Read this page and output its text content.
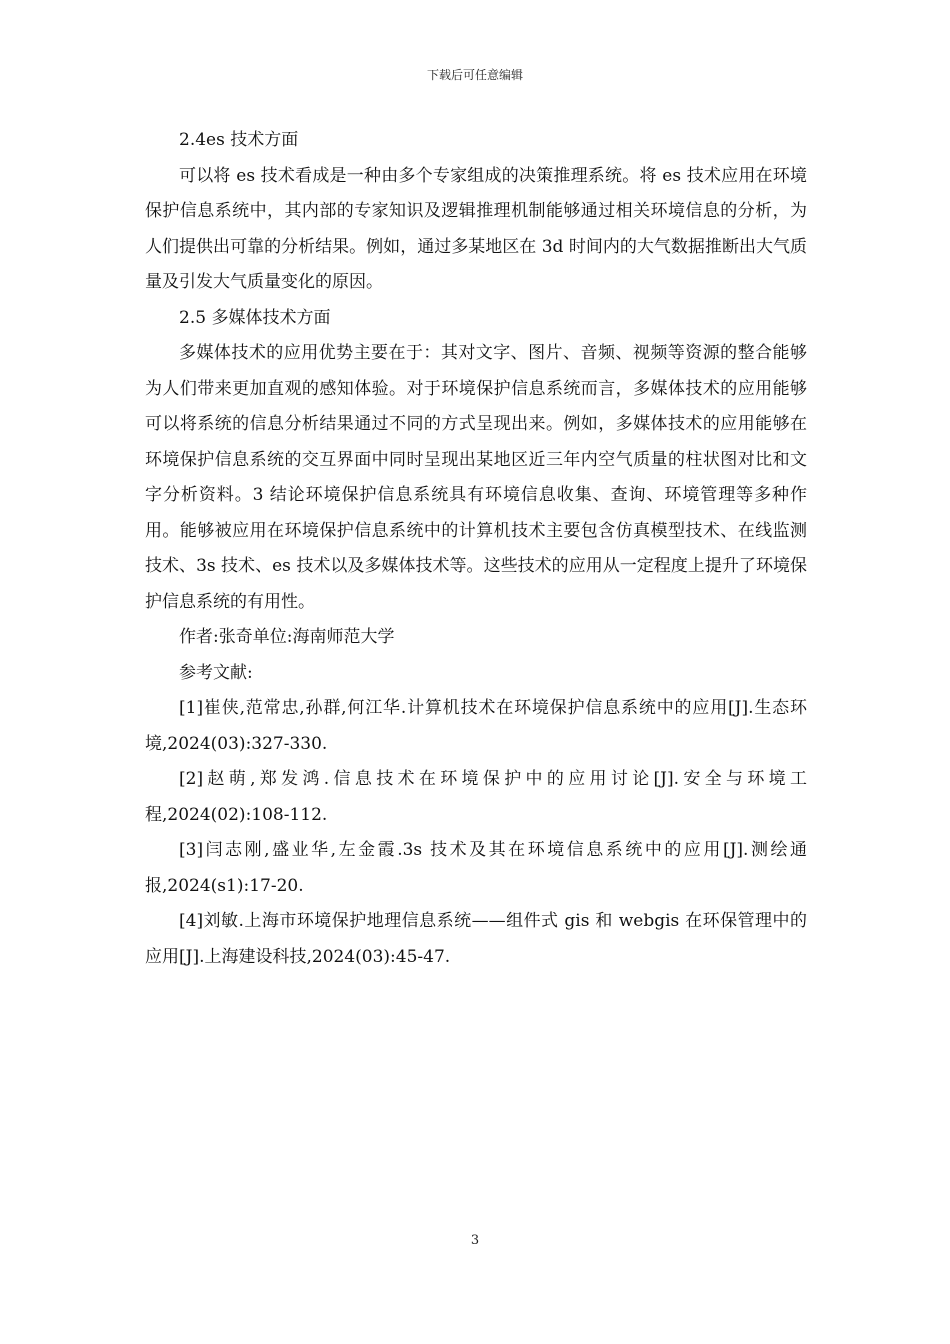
下载后可任意编辑

2.4es 技术方面

可以将 es 技术看成是一种由多个专家组成的决策推理系统。将 es 技术应用在环境保护信息系统中，其内部的专家知识及逻辑推理机制能够通过相关环境信息的分析，为人们提供出可靠的分析结果。例如，通过多某地区在 3d 时间内的大气数据推断出大气质量及引发大气质量变化的原因。

2.5 多媒体技术方面

多媒体技术的应用优势主要在于：其对文字、图片、音频、视频等资源的整合能够为人们带来更加直观的感知体验。对于环境保护信息系统而言，多媒体技术的应用能够可以将系统的信息分析结果通过不同的方式呈现出来。例如，多媒体技术的应用能够在环境保护信息系统的交互界面中同时呈现出某地区近三年内空气质量的柱状图对比和文字分析资料。3 结论环境保护信息系统具有环境信息收集、查询、环境管理等多种作用。能够被应用在环境保护信息系统中的计算机技术主要包含仿真模型技术、在线监测技术、3s 技术、es 技术以及多媒体技术等。这些技术的应用从一定程度上提升了环境保护信息系统的有用性。

作者:张奇单位:海南师范大学

参考文献:

[1]崔侠,范常忠,孙群,何江华.计算机技术在环境保护信息系统中的应用[J].生态环境,2024(03):327-330.

[2]赵萌,郑发鸿.信息技术在环境保护中的应用讨论[J].安全与环境工程,2024(02):108-112.

[3]闫志刚,盛业华,左金霞.3s 技术及其在环境信息系统中的应用[J].测绘通报,2024(s1):17-20.

[4]刘敏.上海市环境保护地理信息系统——组件式 gis 和 webgis 在环保管理中的应用[J].上海建设科技,2024(03):45-47.

3
